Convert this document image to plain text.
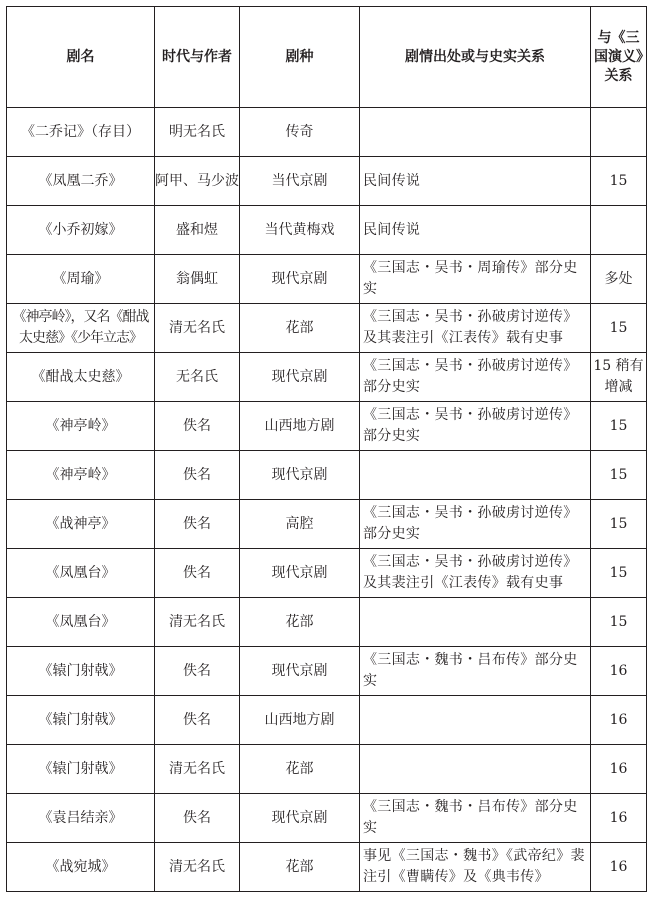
剧名	时代与作者	剧种	剧情出处或与史实关系	与《三国演义》关系
《二乔记》（存目）	明无名氏	传奇		
《凤凰二乔》	阿甲、马少波	当代京剧	民间传说	15
《小乔初嫁》	盛和煜	当代黄梅戏	民间传说	
《周瑜》	翁偶虹	现代京剧	《三国志・吴书・周瑜传》部分史实	多处
《神亭岭》，又名《酣战太史慈》《少年立志》	清无名氏	花部	《三国志・吴书・孙破虏讨逆传》及其裴注引《江表传》载有史事	15
《酣战太史慈》	无名氏	现代京剧	《三国志・吴书・孙破虏讨逆传》部分史实	15 稍有增减
《神亭岭》	佚名	山西地方剧	《三国志・吴书・孙破虏讨逆传》部分史实	15
《神亭岭》	佚名	现代京剧		15
《战神亭》	佚名	高腔	《三国志・吴书・孙破虏讨逆传》部分史实	15
《凤凰台》	佚名	现代京剧	《三国志・吴书・孙破虏讨逆传》及其裴注引《江表传》载有史事	15
《凤凰台》	清无名氏	花部		15
《辕门射戟》	佚名	现代京剧	《三国志・魏书・吕布传》部分史实	16
《辕门射戟》	佚名	山西地方剧		16
《辕门射戟》	清无名氏	花部		16
《袁吕结亲》	佚名	现代京剧	《三国志・魏书・吕布传》部分史实	16
《战宛城》	清无名氏	花部	事见《三国志・魏书》《武帝纪》裴注引《曹瞒传》及《典韦传》	16
